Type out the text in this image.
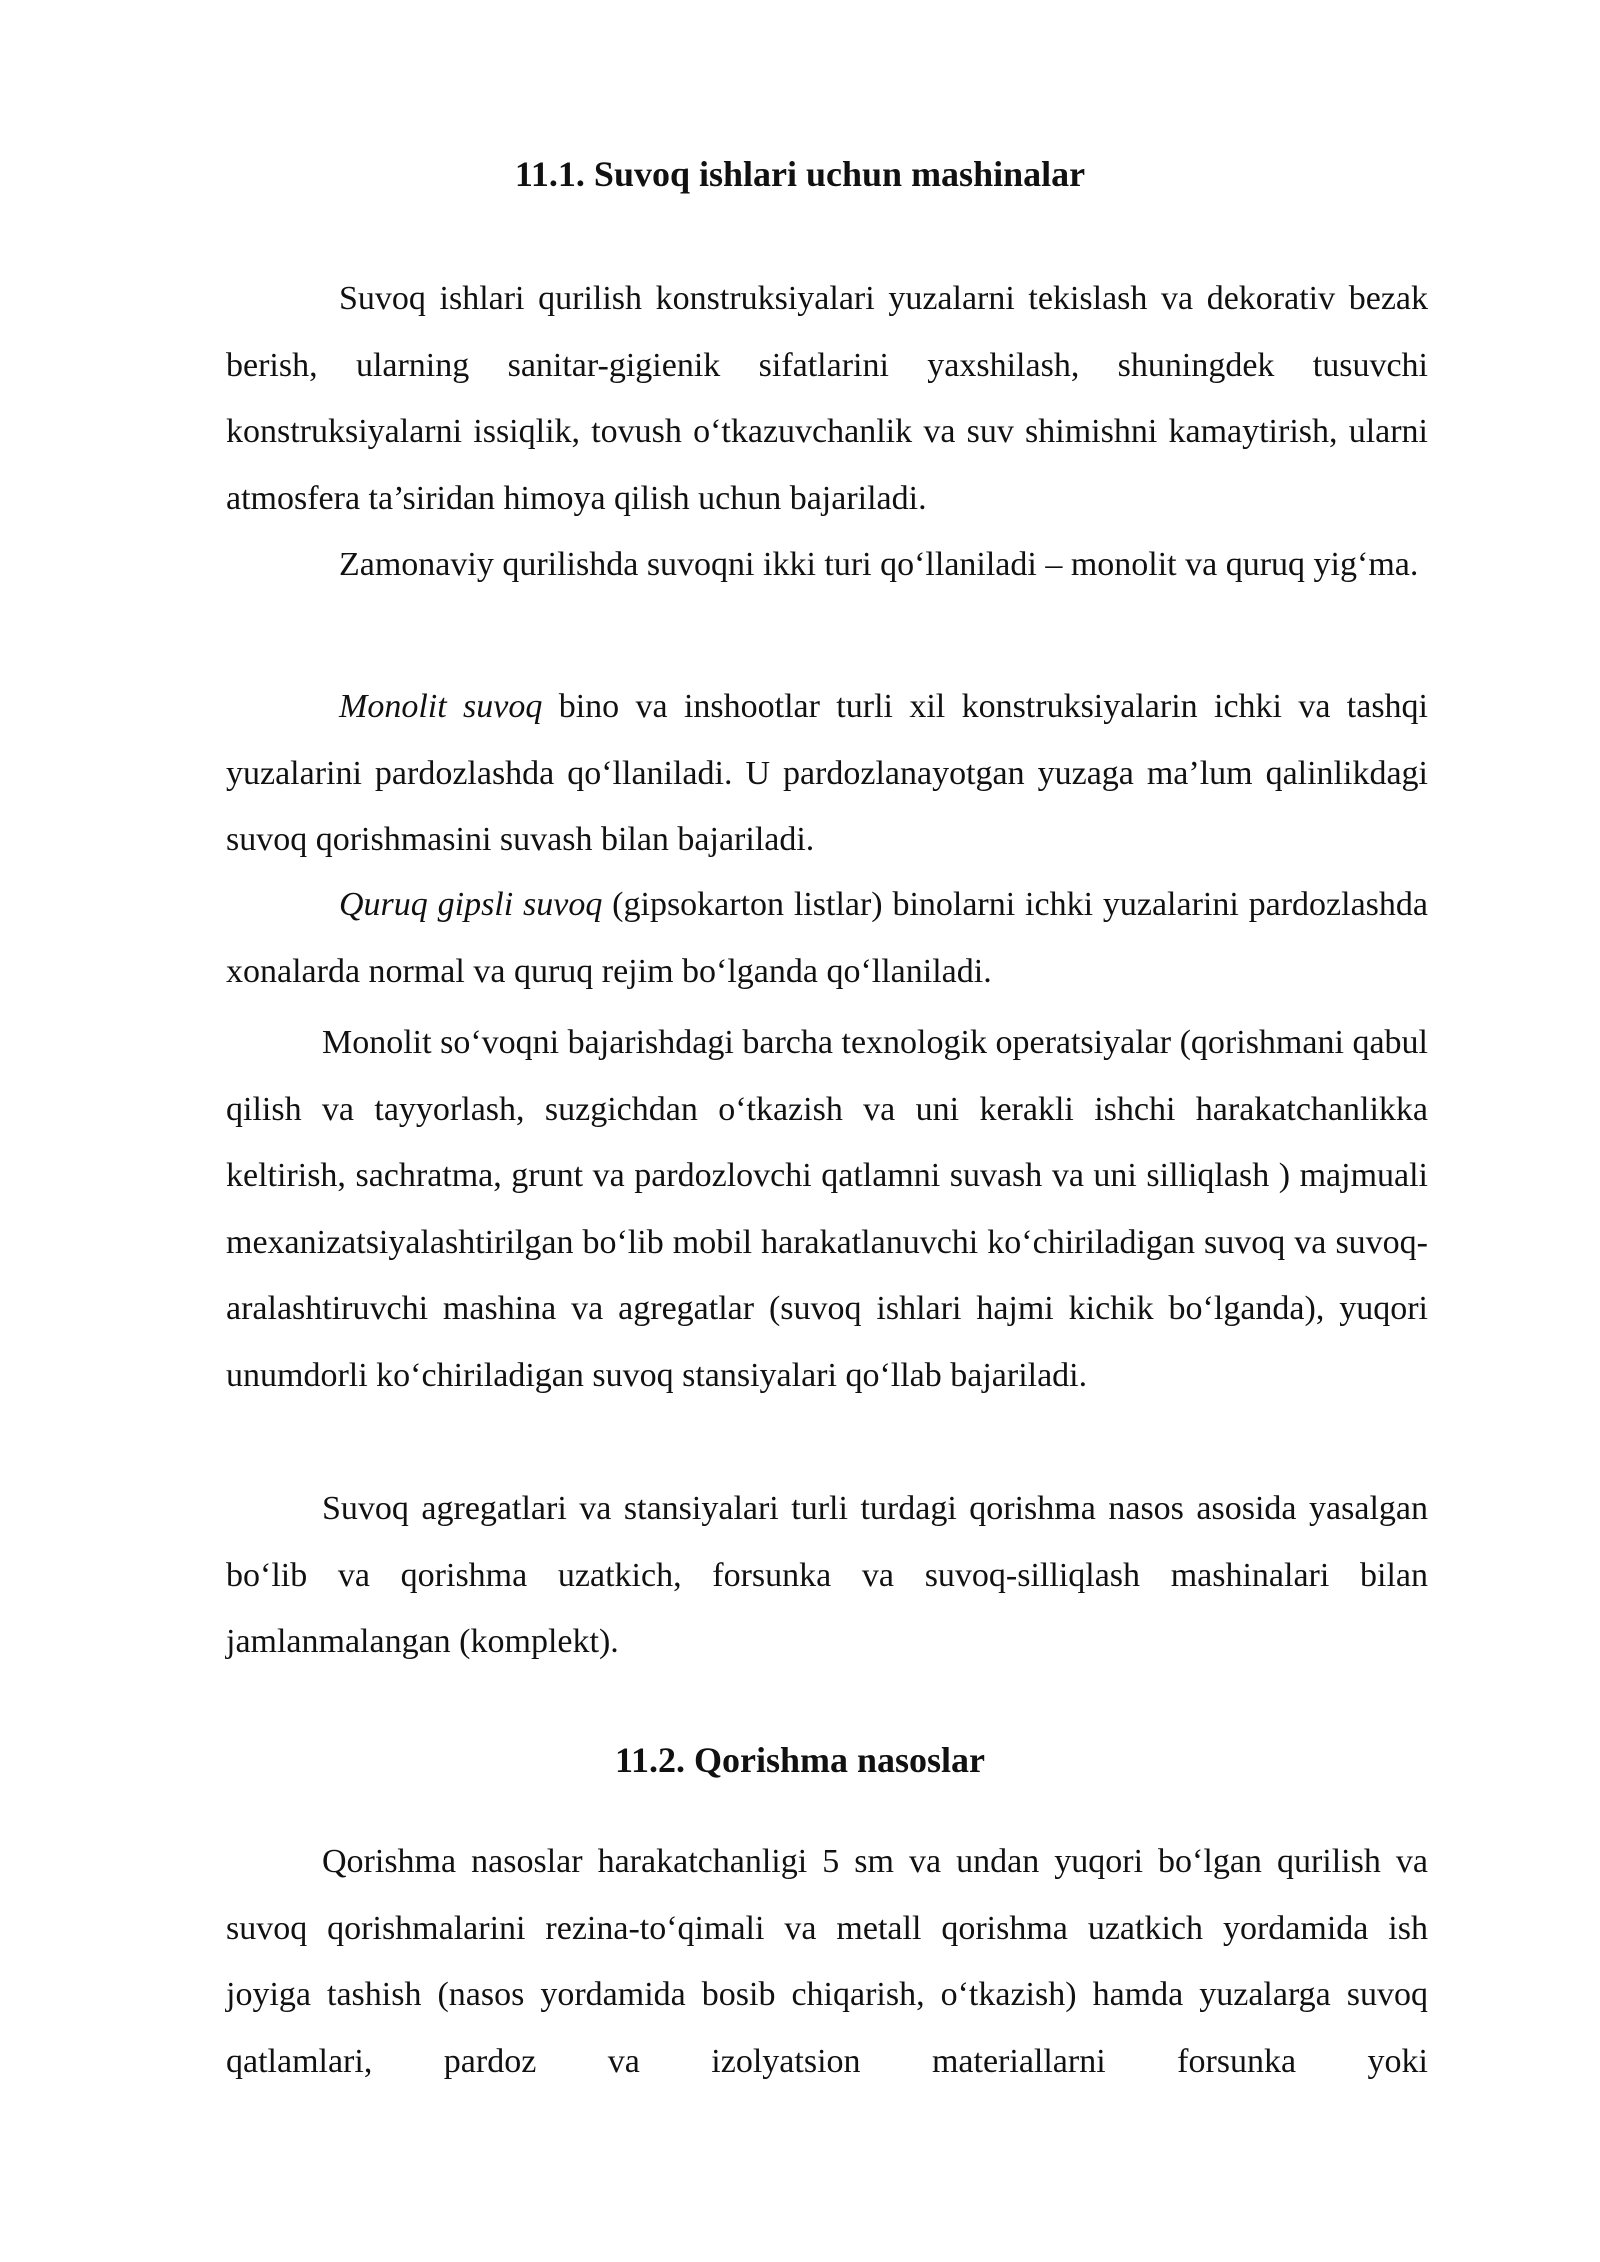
11.1. Suvoq ishlari uchun mashinalar

Suvoq ishlari qurilish konstruksiyalari yuzalarni tekislash va dekorativ bezak berish, ularning sanitar-gigienik sifatlarini yaxshilash, shuningdek tusuvchi konstruksiyalarni issiqlik, tovush o‘tkazuvchanlik va suv shimishni kamaytirish, ularni atmosfera ta’siridan himoya qilish uchun bajariladi.

Zamonaviy qurilishda suvoqni ikki turi qo‘llaniladi – monolit va quruq yig‘ma.

Monolit suvoq bino va inshootlar turli xil konstruksiyalarin ichki va tashqi yuzalarini pardozlashda qo‘llaniladi. U pardozlanayotgan yuzaga ma’lum qalinlikdagi suvoq qorishmasini suvash bilan bajariladi.

Quruq gipsli suvoq (gipsokarton listlar) binolarni ichki yuzalarini pardozlashda xonalarda normal va quruq rejim bo‘lganda qo‘llaniladi.

Monolit so‘voqni bajarishdagi barcha texnologik operatsiyalar (qorishmani qabul qilish va tayyorlash, suzgichdan o‘tkazish va uni kerakli ishchi harakatchanlikka keltirish, sachratma, grunt va pardozlovchi qatlamni suvash va uni silliqlash ) majmuali mexanizatsiyalashtirilgan bo‘lib mobil harakatlanuvchi ko‘chiriladigan suvoq va suvoq-aralashtiruvchi mashina va agregatlar (suvoq ishlari hajmi kichik bo‘lganda), yuqori unumdorli ko‘chiriladigan suvoq stansiyalari qo‘llab bajariladi.

Suvoq agregatlari va stansiyalari turli turdagi qorishma nasos asosida yasalgan bo‘lib va qorishma uzatkich, forsunka va suvoq-silliqlash mashinalari bilan jamlanmalangan (komplekt).

11.2. Qorishma nasoslar

Qorishma nasoslar harakatchanligi 5 sm va undan yuqori bo‘lgan qurilish va suvoq qorishmalarini rezina-to‘qimali va metall qorishma uzatkich yordamida ish joyiga tashish (nasos yordamida bosib chiqarish, o‘tkazish) hamda yuzalarga suvoq qatlamlari, pardoz va izolyatsion materiallarni forsunka yoki
